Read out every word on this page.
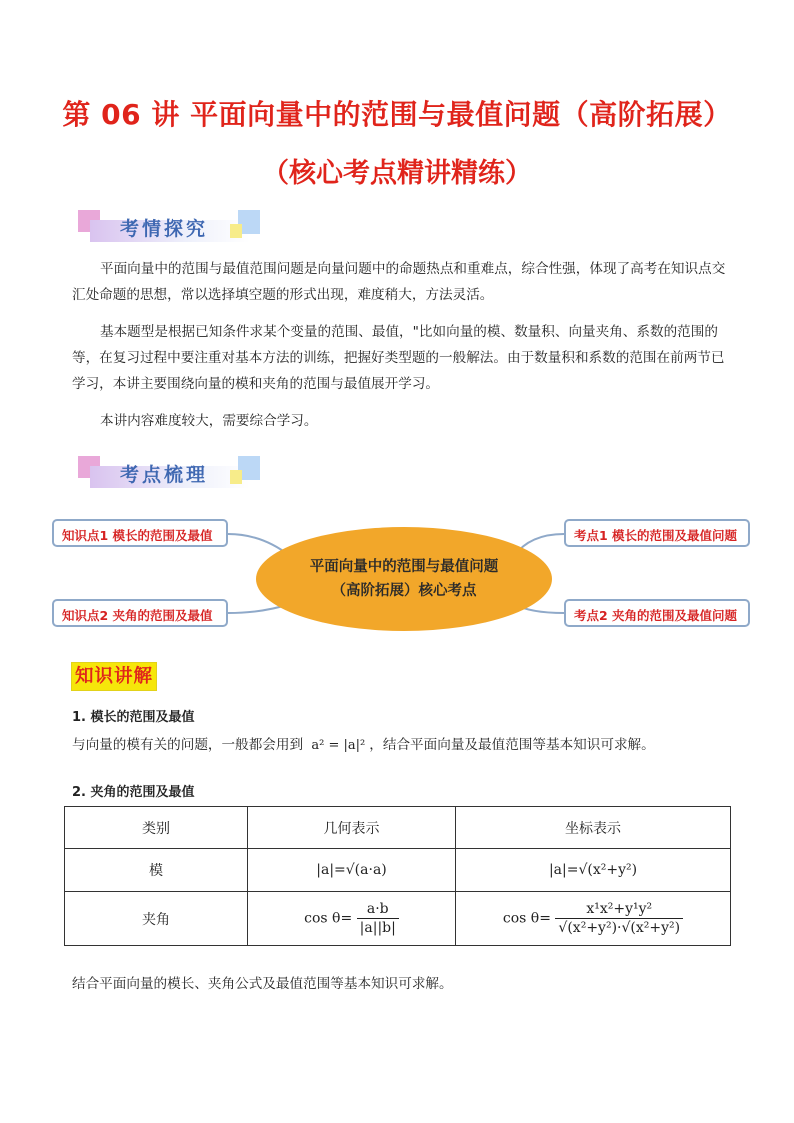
第 06 讲 平面向量中的范围与最值问题（高阶拓展）
（核心考点精讲精练）
考情探究
平面向量中的范围与最值范围问题是向量问题中的命题热点和重难点，综合性强，体现了高考在知识点交汇处命题的思想，常以选择填空题的形式出现，难度稍大，方法灵活。
基本题型是根据已知条件求某个变量的范围、最值，"比如向量的模、数量积、向量夹角、系数的范围的等，在复习过程中要注重对基本方法的训练，把握好类型题的一般解法。由于数量积和系数的范围在前两节已学习，本讲主要围绕向量的模和夹角的范围与最值展开学习。
本讲内容难度较大，需要综合学习。
考点梳理
知识点1 模长的范围及最值
知识点2 夹角的范围及最值
考点1 模长的范围及最值问题
考点2 夹角的范围及最值问题
平面向量中的范围与最值问题
（高阶拓展）核心考点
知识讲解
1. 模长的范围及最值
与向量的模有关的问题，一般都会用到 a² = |a|² ，结合平面向量及最值范围等基本知识可求解。
2. 夹角的范围及最值
类别	几何表示	坐标表示
模	|a|=√(a·a)	|a|=√(x²+y²)
夹角	$\cos \theta= \frac{a\cdot b}{|a||b|}$	$\cos \theta= \frac{\text{x¹x²+y¹y²}}{\text{√(x²+y²)·√(x²+y²)}}$
结合平面向量的模长、夹角公式及最值范围等基本知识可求解。
